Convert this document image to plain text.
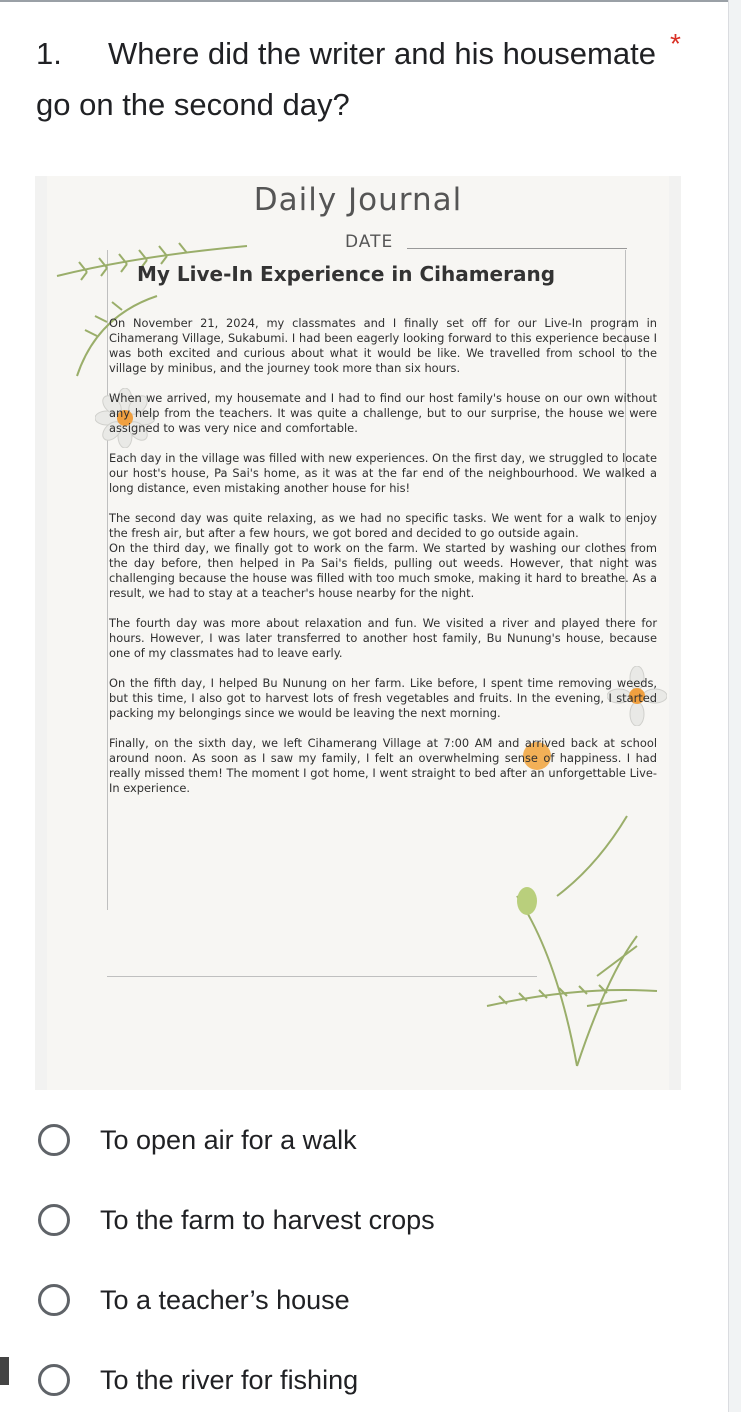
1. Where did the writer and his housemate go on the second day?
*
Daily Journal
DATE
My Live-In Experience in Cihamerang

On November 21, 2024, my classmates and I finally set off for our Live-In program in Cihamerang Village, Sukabumi. I had been eagerly looking forward to this experience because I was both excited and curious about what it would be like. We travelled from school to the village by minibus, and the journey took more than six hours.

When we arrived, my housemate and I had to find our host family's house on our own without any help from the teachers. It was quite a challenge, but to our surprise, the house we were assigned to was very nice and comfortable.

Each day in the village was filled with new experiences. On the first day, we struggled to locate our host's house, Pa Sai's home, as it was at the far end of the neighbourhood. We walked a long distance, even mistaking another house for his!

The second day was quite relaxing, as we had no specific tasks. We went for a walk to enjoy the fresh air, but after a few hours, we got bored and decided to go outside again.

On the third day, we finally got to work on the farm. We started by washing our clothes from the day before, then helped in Pa Sai's fields, pulling out weeds. However, that night was challenging because the house was filled with too much smoke, making it hard to breathe. As a result, we had to stay at a teacher's house nearby for the night.

The fourth day was more about relaxation and fun. We visited a river and played there for hours. However, I was later transferred to another host family, Bu Nunung's house, because one of my classmates had to leave early.

On the fifth day, I helped Bu Nunung on her farm. Like before, I spent time removing weeds, but this time, I also got to harvest lots of fresh vegetables and fruits. In the evening, I started packing my belongings since we would be leaving the next morning.

Finally, on the sixth day, we left Cihamerang Village at 7:00 AM and arrived back at school around noon. As soon as I saw my family, I felt an overwhelming sense of happiness. I had really missed them! The moment I got home, I went straight to bed after an unforgettable Live-In experience.

To open air for a walk
To the farm to harvest crops
To a teacher’s house
To the river for fishing
